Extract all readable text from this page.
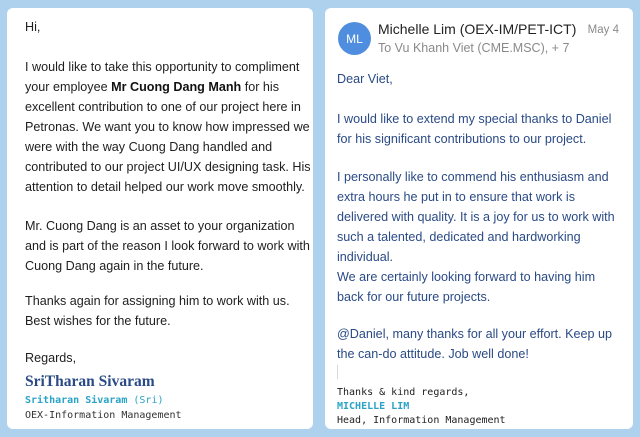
Hi,
I would like to take this opportunity to compliment
your employee Mr Cuong Dang Manh for his
excellent contribution to one of our project here in
Petronas. We want you to know how impressed we
were with the way Cuong Dang handled and
contributed to our project UI/UX designing task. His
attention to detail helped our work move smoothly.
Mr. Cuong Dang is an asset to your organization
and is part of the reason I look forward to work with
Cuong Dang again in the future.
Thanks again for assigning him to work with us.
Best wishes for the future.
Regards,
SriTharan Sivaram
Sritharan Sivaram (Sri)
OEX-Information Management
ML
Michelle Lim (OEX-IM/PET-ICT)
To Vu Khanh Viet (CME.MSC), + 7
May 4
Dear Viet,
I would like to extend my special thanks to Daniel
for his significant contributions to our project.
I personally like to commend his enthusiasm and
extra hours he put in to ensure that work is
delivered with quality. It is a joy for us to work with
such a talented, dedicated and hardworking
individual.
We are certainly looking forward to having him
back for our future projects.
@Daniel, many thanks for all your effort. Keep up
the can-do attitude. Job well done!
Thanks & kind regards,
MICHELLE LIM
Head, Information Management
